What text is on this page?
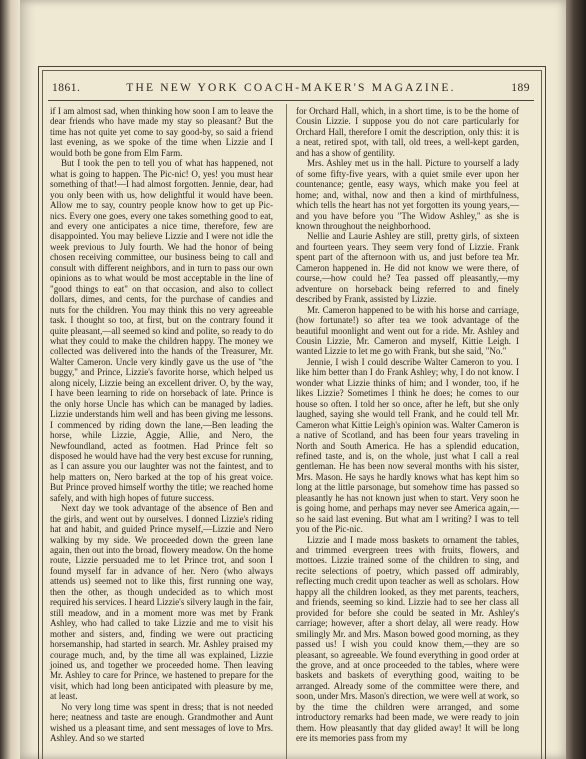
1861.	THE NEW YORK COACH-MAKER'S MAGAZINE.	189

if I am almost sad, when thinking how soon I am to leave the dear friends who have made my stay so pleasant? But the time has not quite yet come to say good-by, so said a friend last evening, as we spoke of the time when Lizzie and I would both be gone from Elm Farm.

But I took the pen to tell you of what has happened, not what is going to happen. The Pic-nic! O, yes! you must hear something of that!—I had almost forgotten. Jennie, dear, had you only been with us, how delightful it would have been. Allow me to say, country people know how to get up Pic-nics. Every one goes, every one takes something good to eat, and every one anticipates a nice time, therefore, few are disappointed. You may believe Lizzie and I were not idle the week previous to July fourth. We had the honor of being chosen receiving committee, our business being to call and consult with different neighbors, and in turn to pass our own opinions as to what would be most acceptable in the line of "good things to eat" on that occasion, and also to collect dollars, dimes, and cents, for the purchase of candies and nuts for the children. You may think this no very agreeable task. I thought so too, at first, but on the contrary found it quite pleasant,—all seemed so kind and polite, so ready to do what they could to make the children happy. The money we collected was delivered into the hands of the Treasurer, Mr. Walter Cameron. Uncle very kindly gave us the use of "the buggy," and Prince, Lizzie's favorite horse, which helped us along nicely, Lizzie being an excellent driver. O, by the way, I have been learning to ride on horseback of late. Prince is the only horse Uncle has which can be managed by ladies. Lizzie understands him well and has been giving me lessons. I commenced by riding down the lane,—Ben leading the horse, while Lizzie, Aggie, Allie, and Nero, the Newfoundland, acted as footmen. Had Prince felt so disposed he would have had the very best excuse for running, as I can assure you our laughter was not the faintest, and to help matters on, Nero barked at the top of his great voice. But Prince proved himself worthy the title; we reached home safely, and with high hopes of future success.

Next day we took advantage of the absence of Ben and the girls, and went out by ourselves. I donned Lizzie's riding hat and habit, and guided Prince myself,—Lizzie and Nero walking by my side. We proceeded down the green lane again, then out into the broad, flowery meadow. On the home route, Lizzie persuaded me to let Prince trot, and soon I found myself far in advance of her. Nero (who always attends us) seemed not to like this, first running one way, then the other, as though undecided as to which most required his services. I heard Lizzie's silvery laugh in the fair, still meadow, and in a moment more was met by Frank Ashley, who had called to take Lizzie and me to visit his mother and sisters, and, finding we were out practicing horsemanship, had started in search. Mr. Ashley praised my courage much, and, by the time all was explained, Lizzie joined us, and together we proceeded home. Then leaving Mr. Ashley to care for Prince, we hastened to prepare for the visit, which had long been anticipated with pleasure by me, at least.

No very long time was spent in dress; that is not needed here; neatness and taste are enough. Grandmother and Aunt wished us a pleasant time, and sent messages of love to Mrs. Ashley. And so we started

for Orchard Hall, which, in a short time, is to be the home of Cousin Lizzie. I suppose you do not care particularly for Orchard Hall, therefore I omit the description, only this: it is a neat, retired spot, with tall, old trees, a well-kept garden, and has a show of gentility.

Mrs. Ashley met us in the hall. Picture to yourself a lady of some fifty-five years, with a quiet smile ever upon her countenance; gentle, easy ways, which make you feel at home; and, withal, now and then a kind of mirthfulness, which tells the heart has not yet forgotten its young years,—and you have before you "The Widow Ashley," as she is known throughout the neighborhood.

Nellie and Laurie Ashley are still, pretty girls, of sixteen and fourteen years. They seem very fond of Lizzie. Frank spent part of the afternoon with us, and just before tea Mr. Cameron happened in. He did not know we were there, of course,—how could he? Tea passed off pleasantly,—my adventure on horseback being referred to and finely described by Frank, assisted by Lizzie.

Mr. Cameron happened to be with his horse and carriage, (how fortunate!) so after tea we took advantage of the beautiful moonlight and went out for a ride. Mr. Ashley and Cousin Lizzie, Mr. Cameron and myself, Kittie Leigh. I wanted Lizzie to let me go with Frank, but she said, "No."

Jennie, I wish I could describe Walter Cameron to you. I like him better than I do Frank Ashley; why, I do not know. I wonder what Lizzie thinks of him; and I wonder, too, if he likes Lizzie? Sometimes I think he does; he comes to our house so often. I told her so once, after he left, but she only laughed, saying she would tell Frank, and he could tell Mr. Cameron what Kittie Leigh's opinion was. Walter Cameron is a native of Scotland, and has been four years traveling in North and South America. He has a splendid education, refined taste, and is, on the whole, just what I call a real gentleman. He has been now several months with his sister, Mrs. Mason. He says he hardly knows what has kept him so long at the little parsonage, but somehow time has passed so pleasantly he has not known just when to start. Very soon he is going home, and perhaps may never see America again,—so he said last evening. But what am I writing? I was to tell you of the Pic-nic.

Lizzie and I made moss baskets to ornament the tables, and trimmed evergreen trees with fruits, flowers, and mottoes. Lizzie trained some of the children to sing, and recite selections of poetry, which passed off admirably, reflecting much credit upon teacher as well as scholars. How happy all the children looked, as they met parents, teachers, and friends, seeming so kind. Lizzie had to see her class all provided for before she could be seated in Mr. Ashley's carriage; however, after a short delay, all were ready. How smilingly Mr. and Mrs. Mason bowed good morning, as they passed us! I wish you could know them,—they are so pleasant, so agreeable. We found everything in good order at the grove, and at once proceeded to the tables, where were baskets and baskets of everything good, waiting to be arranged. Already some of the committee were there, and soon, under Mrs. Mason's direction, we were well at work, so by the time the children were arranged, and some introductory remarks had been made, we were ready to join them. How pleasantly that day glided away! It will be long ere its memories pass from my
